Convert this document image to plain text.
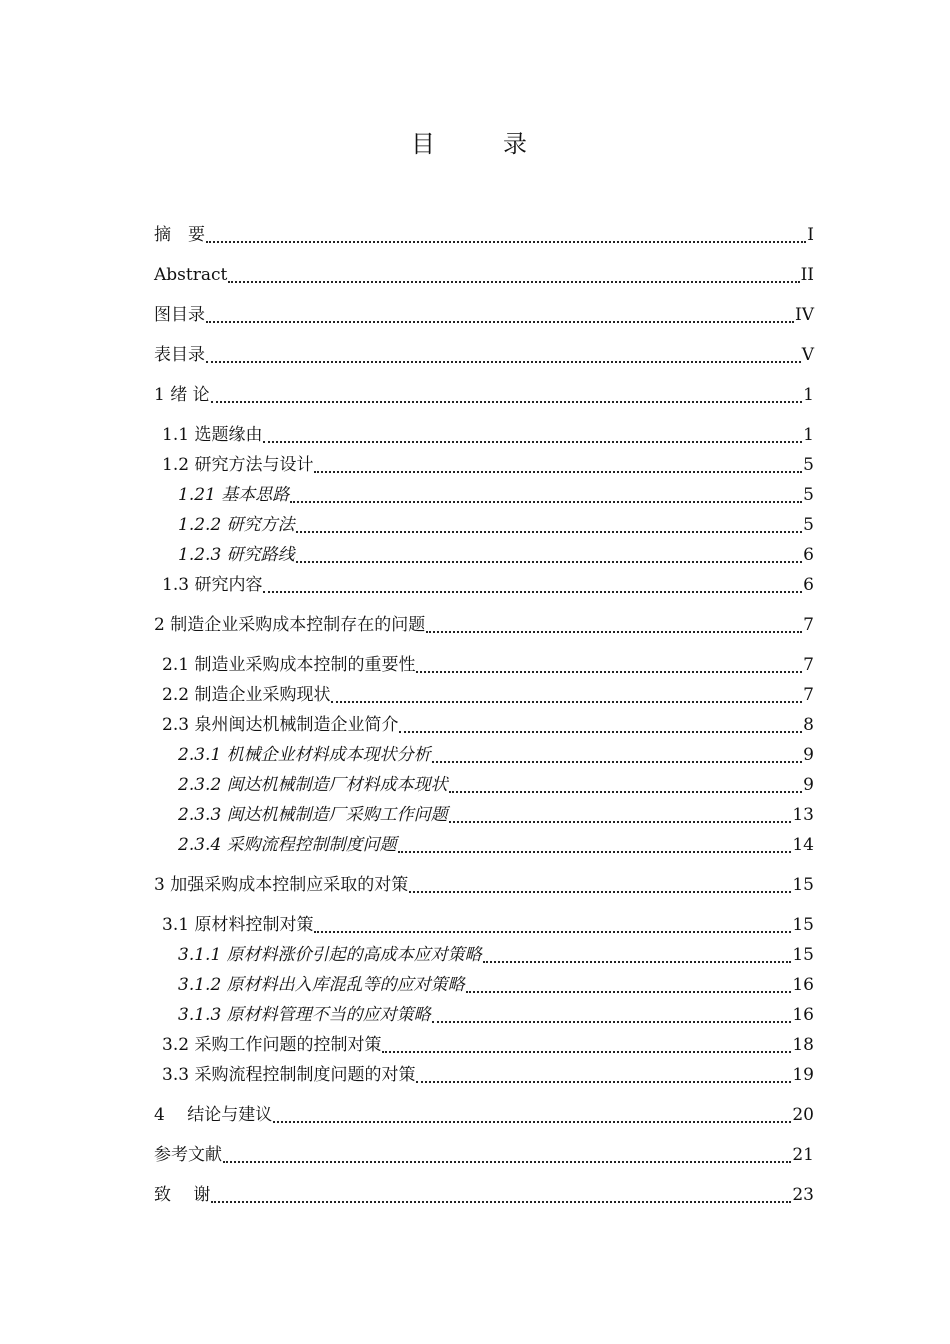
目　录
摘　要	I
Abstract	II
图目录	IV
表目录	V
1 绪 论	1
1.1 选题缘由	1
1.2 研究方法与设计	5
1.21 基本思路	5
1.2.2 研究方法	5
1.2.3 研究路线	6
1.3 研究内容	6
2 制造企业采购成本控制存在的问题	7
2.1 制造业采购成本控制的重要性	7
2.2 制造企业采购现状	7
2.3 泉州闽达机械制造企业简介	8
2.3.1 机械企业材料成本现状分析	9
2.3.2 闽达机械制造厂材料成本现状	9
2.3.3 闽达机械制造厂采购工作问题	13
2.3.4 采购流程控制制度问题	14
3 加强采购成本控制应采取的对策	15
3.1 原材料控制对策	15
3.1.1 原材料涨价引起的高成本应对策略	15
3.1.2 原材料出入库混乱等的应对策略	16
3.1.3 原材料管理不当的应对策略	16
3.2 采购工作问题的控制对策	18
3.3 采购流程控制制度问题的对策	19
4　 结论与建议	20
参考文献	21
致　 谢	23
